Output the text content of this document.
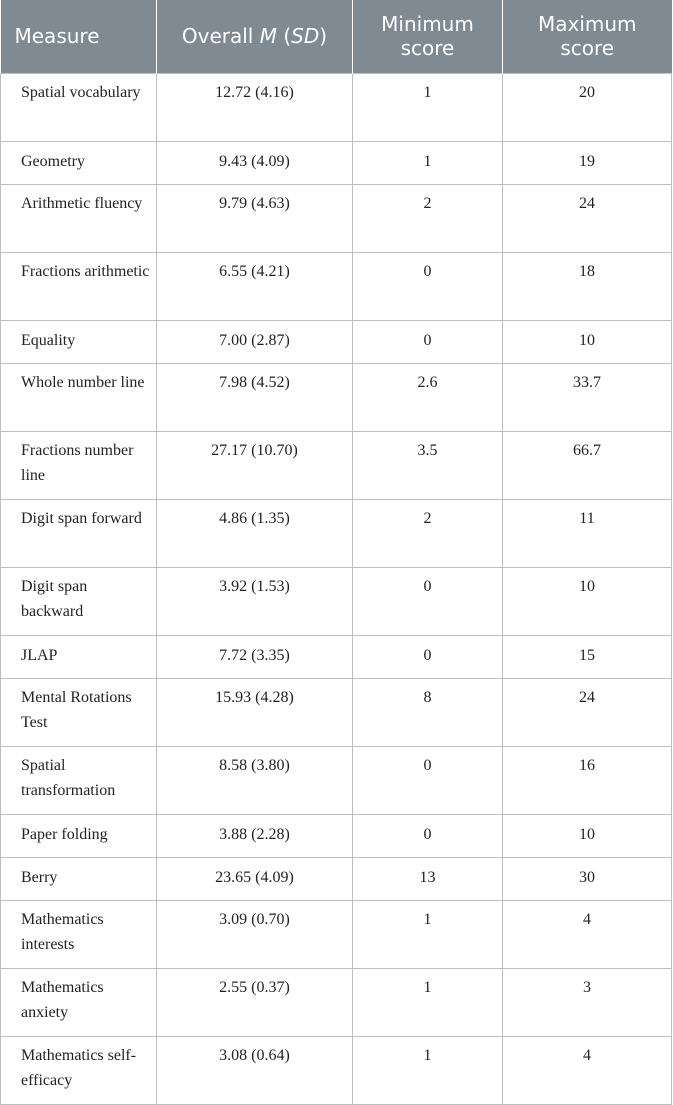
Measure	Overall M (SD)	Minimum score	Maximum score
Spatial vocabulary	12.72 (4.16)	1	20
Geometry	9.43 (4.09)	1	19
Arithmetic fluency	9.79 (4.63)	2	24
Fractions arithmetic	6.55 (4.21)	0	18
Equality	7.00 (2.87)	0	10
Whole number line	7.98 (4.52)	2.6	33.7
Fractions number line	27.17 (10.70)	3.5	66.7
Digit span forward	4.86 (1.35)	2	11
Digit span backward	3.92 (1.53)	0	10
JLAP	7.72 (3.35)	0	15
Mental Rotations Test	15.93 (4.28)	8	24
Spatial transformation	8.58 (3.80)	0	16
Paper folding	3.88 (2.28)	0	10
Berry	23.65 (4.09)	13	30
Mathematics interests	3.09 (0.70)	1	4
Mathematics anxiety	2.55 (0.37)	1	3
Mathematics self-efficacy	3.08 (0.64)	1	4
